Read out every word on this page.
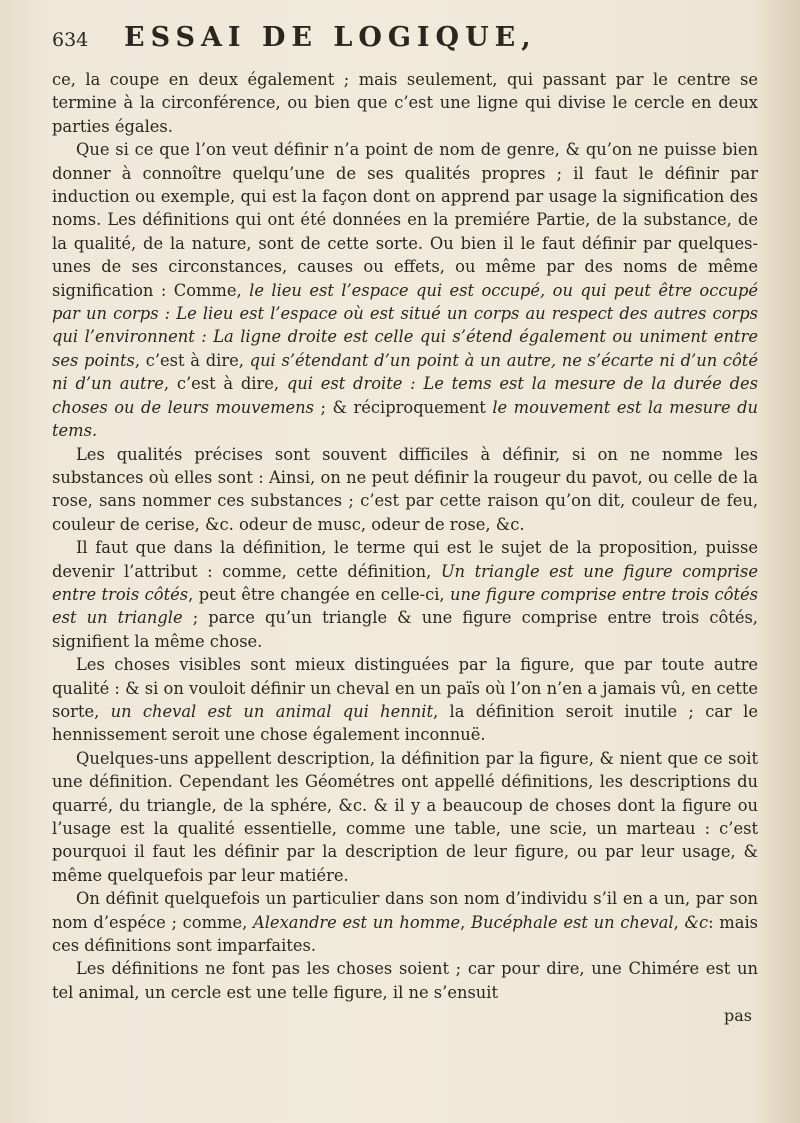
634	ESSAI DE LOGIQUE,

ce, la coupe en deux également ; mais seulement, qui passant par le centre se termine à la circonférence, ou bien que c’est une ligne qui divise le cercle en deux parties égales.

Que si ce que l’on veut définir n’a point de nom de genre, & qu’on ne puisse bien donner à connoître quelqu’une de ses qualités propres ; il faut le définir par induction ou exemple, qui est la façon dont on apprend par usage la signification des noms. Les définitions qui ont été données en la premiére Partie, de la substance, de la qualité, de la nature, sont de cette sorte. Ou bien il le faut définir par quelques-unes de ses circonstances, causes ou effets, ou même par des noms de même signification : Comme, le lieu est l’espace qui est occupé, ou qui peut être occupé par un corps : Le lieu est l’espace où est situé un corps au respect des autres corps qui l’environnent : La ligne droite est celle qui s’étend également ou uniment entre ses points, c’est à dire, qui s’étendant d’un point à un autre, ne s’écarte ni d’un côté ni d’un autre, c’est à dire, qui est droite : Le tems est la mesure de la durée des choses ou de leurs mouvemens ; & réciproquement le mouvement est la mesure du tems.

Les qualités précises sont souvent difficiles à définir, si on ne nomme les substances où elles sont : Ainsi, on ne peut définir la rougeur du pavot, ou celle de la rose, sans nommer ces substances ; c’est par cette raison qu’on dit, couleur de feu, couleur de cerise, &c. odeur de musc, odeur de rose, &c.

Il faut que dans la définition, le terme qui est le sujet de la proposition, puisse devenir l’attribut : comme, cette définition, Un triangle est une figure comprise entre trois côtés, peut être changée en celle-ci, une figure comprise entre trois côtés est un triangle ; parce qu’un triangle & une figure comprise entre trois côtés, signifient la même chose.

Les choses visibles sont mieux distinguées par la figure, que par toute autre qualité : & si on vouloit définir un cheval en un païs où l’on n’en a jamais vû, en cette sorte, un cheval est un animal qui hennit, la définition seroit inutile ; car le hennissement seroit une chose également inconnuë.

Quelques-uns appellent description, la définition par la figure, & nient que ce soit une définition. Cependant les Géométres ont appellé définitions, les descriptions du quarré, du triangle, de la sphére, &c. & il y a beaucoup de choses dont la figure ou l’usage est la qualité essentielle, comme une table, une scie, un marteau : c’est pourquoi il faut les définir par la description de leur figure, ou par leur usage, & même quelquefois par leur matiére.

On définit quelquefois un particulier dans son nom d’individu s’il en a un, par son nom d’espéce ; comme, Alexandre est un homme, Bucéphale est un cheval, &c: mais ces définitions sont imparfaites.

Les définitions ne font pas les choses soient ; car pour dire, une Chimére est un tel animal, un cercle est une telle figure, il ne s’ensuit

pas
